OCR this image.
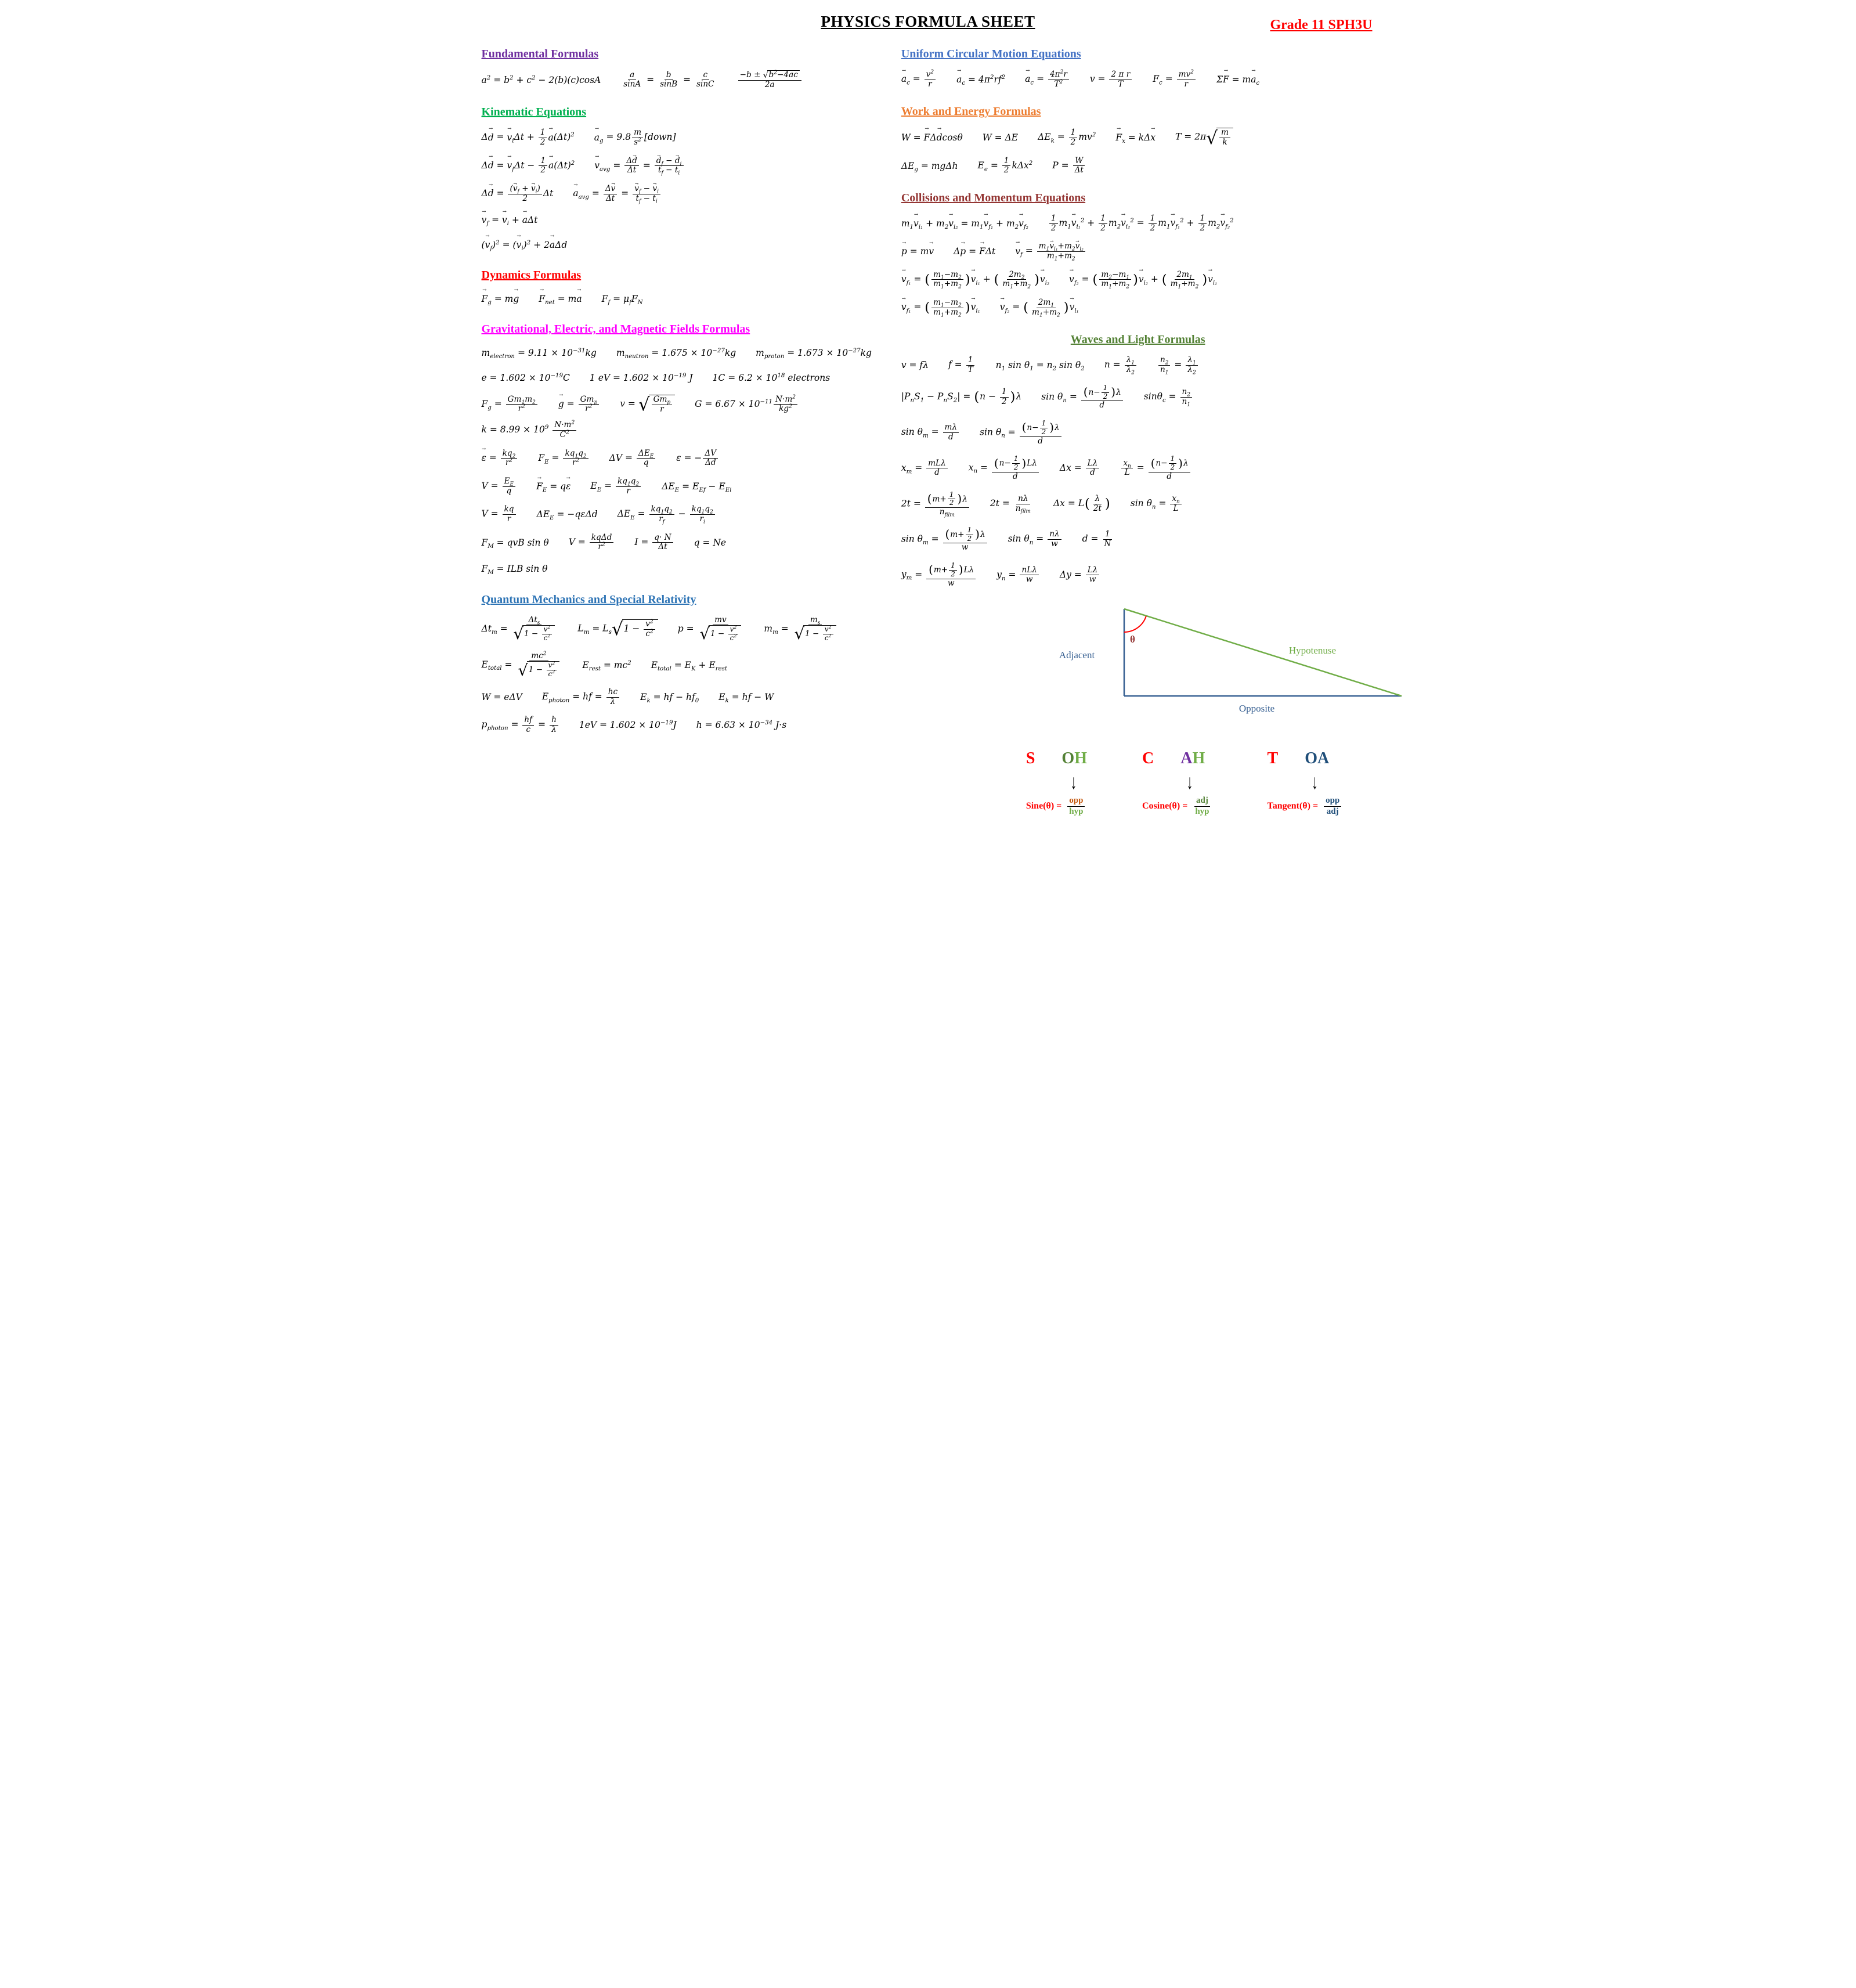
PHYSICS FORMULA SHEET	Grade 11 SPH3U
Fundamental Formulas
$a^2 = b^2 + c^2 - 2(b)(c)\cos A$	$\frac{a}{\sin A} = \frac{b}{\sin B} = \frac{c}{\sin C}$	$\frac{-b \pm √ b^2-4ac}{2a}$
Kinematic Equations
Δd → = $v \to_i\Delta t + \frac{1}{2}$ $a \to(\Delta t)^2$ $a \to_g = 9.8 \frac{m}{s^2}$ [down]
Δd → = $v \to_f\Delta t - \frac{1}{2}$ $a \to(\Delta t)^2$ $v \to_{avg} = \frac{\Delta d \to}{\Delta t} = \frac{d \to_f - d \to_i}{t_f - t_i}$
Δd → = $\frac{(v \to_f + v \to_i)}{2}$ Δt $a \to_{avg} = \frac{\Delta v \to}{\Delta t} = \frac{v \to_f - v \to_i}{t_f - t_i}$
$v \to_f = v \to_i + a \to\Delta t$
$(v \to_f)^2 = (v \to_i)^2 + 2a \to\Delta d$
Dynamics Formulas
$F \to_g$ = mg → $F \to_{net}$ = ma → $F_f = \mu_fF_N$
Gravitational, Electric, and Magnetic Fields Formulas
$m_{electron} = 9.11 \times 10^{-31}kg$ $m_{neutron} = 1.675 \times 10^{-27}kg$ $m_{proton} = 1.673 \times 10^{-27}kg$
$e = 1.602 \times 10^{-19}C$ 1 eV = $1.602 \times 10^{-19}$ J $1C = 6.2 \times 10^{18}$ electrons
$F_g = \frac{Gm_1m_2}{r^2}$ g → = $Gm_p$
$r^2$	v = √ $Gm_p$
r	$G = 6.67 \times 10^{-11} \frac{N\cdot m^2}{kg^2}$
$k = 8.99 \times 10^9 \frac{N\cdot m^2}{C^2}$
ε → = $\frac{kq_2}{r^2} F_E = \frac{kq_1q_2}{r^2}$ $\Delta V = \Delta E_E$
q	ε = − $\frac{\Delta V}{\Delta d}$
$V = \frac{E_E}{q}$ $F \to_E = q\varepsilon \to E_E = \frac{kq_1q_2}{r} \Delta E_E = E_{Ef} - E_{Ei}$
$V = \frac{kq}{r} \Delta E_E = -q\varepsilon\Delta d$ $\Delta E_E = \frac{kq_1q_2}{r_f} - \frac{kq_1q_2}{r_i}$
$F_M$ = qvB sin θ V = kqΔd
$r^2$	$I = \frac{q\cdot N}{\Delta t}$ q = Ne
$F_M$ = ILB sin θ
Quantum Mechanics and Special Relativity
$\Delta t_m$ =
$\Delta t_s$
√ $1 - \frac{v^2}{c^2}$	$L_m = L_s$ √ $1 - \frac{v^2}{c^2}$	p = mv
√ $1 - \frac{v^2}{c^2} m_m = m_s$
√ $1 - \frac{v^2}{c^2}$
$E_{total} = mc^2$
√ $1 - \frac{v^2}{c^2} E_{rest} = mc^2$ $E_{total} = E_K + E_{rest}$
W = eΔV $E_{photon}$ = hf = $\frac{hc}{\lambda} E_k$ = hf − $hf_0$ $E_k$ = hf − W
$p_{photon} = \frac{hf}{c} = \frac{h}{\lambda} 1eV = 1.602 \times 10^{-19}J$ $h = 6.63 \times 10^{-34}$ J·s
Uniform Circular Motion Equations
$a \to_c = \frac{v^2}{r}$ $a \to_c = 4\pi^2rf^2$ $a \to_c = \frac{4\pi^2r}{T^2}$ $v = \frac{\text{2 π r}}{T} F_c = \frac{mv^2}{r}$ ΣF → = ma $\to_c$
Work and Energy Formulas
W = F →Δd →cosθ W = ΔE $\Delta E_k = \frac{1}{2} mv^2$ $F \to_x = k\Delta x \to T = 2\pi$ √ $\frac{m}{k}$
$\Delta E_g = mg\Delta h$ $E_e = \frac{1}{2} k\Delta x^2$ $P = \frac{W}{\Delta t}$
Collisions and Momentum Equations
$m_1v \to_{i_1} + m_2v \to_{i_2} = m_1v \to_{f_1} + m_2v \to_{f_2}$	$\frac{1}{2} m_1v \to_{i_1}^2 + \frac{1}{2} m_2v \to_{i_2}^2 = \frac{1}{2} m_1v \to_{f_1}^2 + \frac{1}{2} m_2v \to_{f_2}^2$
p → = mv → Δp → = F →Δt $v \to_f = \frac{m_1v \to_{i_1}+m_2v \to_{i_2}}{m_1+m_2}$
$v \to_{f_1}$ = ( $\frac{m_1-m_2}{m_1+m_2} )v \to_{i_1}$ + ( $\frac{2m_2}{m_1+m_2} )v \to_{i_2}$ $v \to_{f_2}$ = ( $\frac{m_2-m_1}{m_1+m_2} )v \to_{i_2}$ + ( $\frac{2m_1}{m_1+m_2} )v \to_{i_1}$
$v \to_{f_1}$ = ( $\frac{m_1-m_2}{m_1+m_2} )v \to_{i_1}$ $v \to_{f_2}$ = ( $\frac{2m_1}{m_1+m_2} )v \to_{i_1}$
Waves and Light Formulas
v = fλ $f = \frac{1}{T} n_1$ $\sin \theta_1 = n_2$ $\sin \theta_2$ $n = \frac{\lambda_1}{\lambda_2}$	$\frac{n_2}{n_1} = \frac{\lambda_1}{\lambda_2}$
$|P_nS_1 - P_nS_2| = (n - \frac{1}{2} )\lambda$ $\sin \theta_n = \frac{(n- \frac{1}{2} )\lambda}{d} \sin\theta_c = \frac{n_2}{n_1}$
$\sin \theta_m = \frac{m\lambda}{d}$ $\sin \theta_n = \frac{(n- \frac{1}{2} )\lambda}{d}$
$x_m = mL\lambda$
d	$x_n = \frac{(n- \frac{1}{2} )L\lambda}{d}$ $\Delta x = \frac{L\lambda}{d}$	$\frac{x_n}{L} = \frac{(n- \frac{1}{2} )\lambda}{d}$
$2t = (m+ \frac{1}{2} )\lambda$
$n_{film}$
2t = nλ
$n_{film}$
$\Delta x = L( \frac{\lambda}{2t}$ ) $\sin \theta_n = \frac{x_n}{L}$
$\sin \theta_m = \frac{(m+ \frac{1}{2} )\lambda}{w}$ $\sin \theta_n = \frac{n\lambda}{w}$ $d = \frac{1}{N}$
$y_m = \frac{(m+ \frac{1}{2} )L\lambda}{w} y_n = nL\lambda$
w	$\Delta y = \frac{L\lambda}{w}$
Adjacent	Hypotenuse
Opposite
θ
S OH
↓
Sine(θ) =
opp
hyp
C AH
↓
Cosine(θ) =
adj
hyp
T OA
↓
Tangent(θ) =
opp
adj
